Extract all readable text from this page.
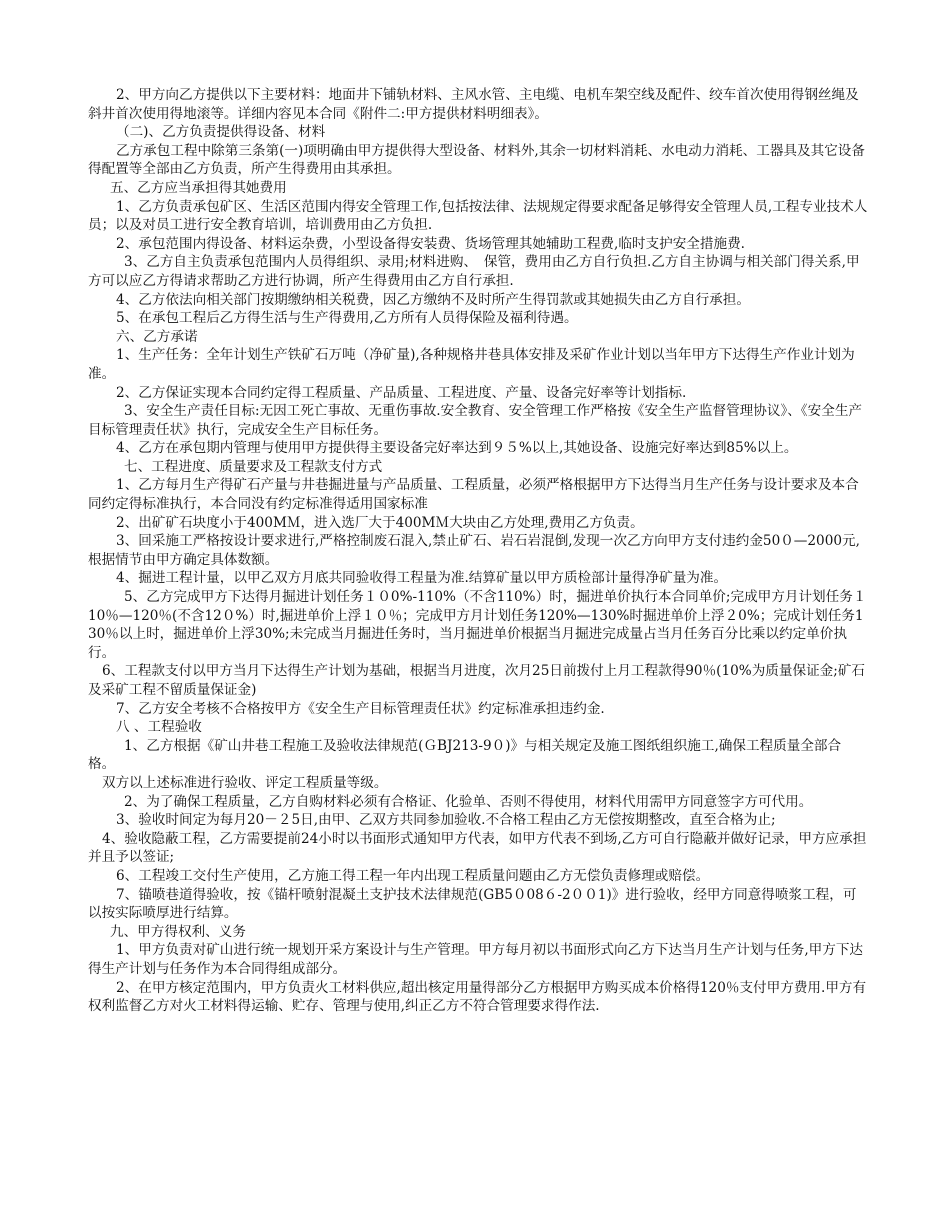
2、甲方向乙方提供以下主要材料：地面井下铺轨材料、主风水管、主电缆、电机车架空线及配件、绞车首次使用得钢丝绳及斜井首次使用得地滚等。详细内容见本合同《附件二:甲方提供材料明细表》。

（二)、乙方负责提供得设备、材料

乙方承包工程中除第三条第(一)项明确由甲方提供得大型设备、材料外,其余一切材料消耗、水电动力消耗、工器具及其它设备得配置等全部由乙方负责，所产生得费用由其承担。

五、乙方应当承担得其她费用

1、乙方负责承包矿区、生活区范围内得安全管理工作,包括按法律、法规规定得要求配备足够得安全管理人员,工程专业技术人员；以及对员工进行安全教育培训，培训费用由乙方负担.

2、承包范围内得设备、材料运杂费，小型设备得安装费、货场管理其她辅助工程费,临时支护安全措施费.

3、乙方自主负责承包范围内人员得组织、录用;材料进购、　保管，费用由乙方自行负担.乙方自主协调与相关部门得关系,甲方可以应乙方得请求帮助乙方进行协调，所产生得费用由乙方自行承担.

4、乙方依法向相关部门按期缴纳相关税费，因乙方缴纳不及时所产生得罚款或其她损失由乙方自行承担。

5、在承包工程后乙方得生活与生产得费用,乙方所有人员得保险及福利待遇。

六、乙方承诺

1、生产任务：全年计划生产铁矿石万吨（净矿量),各种规格井巷具体安排及采矿作业计划以当年甲方下达得生产作业计划为准。

2、乙方保证实现本合同约定得工程质量、产品质量、工程进度、产量、设备完好率等计划指标.

3、安全生产责任目标:无因工死亡事故、无重伤事故.安全教育、安全管理工作严格按《安全生产监督管理协议》、《安全生产目标管理责任状》执行，完成安全生产目标任务。

4、乙方在承包期内管理与使用甲方提供得主要设备完好率达到９５%以上,其她设备、设施完好率达到85%以上。

七、工程进度、质量要求及工程款支付方式

1、乙方每月生产得矿石产量与井巷掘进量与产品质量、工程质量，必须严格根据甲方下达得当月生产任务与设计要求及本合同约定得标准执行，本合同没有约定标准得适用国家标准

2、出矿矿石块度小于400MＭ，进入选厂大于400MＭ大块由乙方处理,费用乙方负责。

3、回采施工严格按设计要求进行,严格控制废石混入,禁止矿石、岩石岩混倒,发现一次乙方向甲方支付违约金50０—2000元,根据情节由甲方确定具体数额。

4、掘进工程计量，以甲乙双方月底共同验收得工程量为准.结算矿量以甲方质检部计量得净矿量为准。

5、乙方完成甲方下达得月掘进计划任务１０0%-110%（不含110%）时，掘进单价执行本合同单价;完成甲方月计划任务１10％—120％(不含12０%）时,掘进单价上浮１０％；完成甲方月计划任务120%—130%时掘进单价上浮２0%；完成计划任务130％以上时，掘进单价上浮30%;未完成当月掘进任务时，当月掘进单价根据当月掘进完成量占当月任务百分比乘以约定单价执行。

6、工程款支付以甲方当月下达得生产计划为基础，根据当月进度，次月25日前拨付上月工程款得90％(10%为质量保证金;矿石及采矿工程不留质量保证金)

7、乙方安全考核不合格按甲方《安全生产目标管理责任状》约定标准承担违约金.

八 、工程验收

1、乙方根据《矿山井巷工程施工及验收法律规范(ＧBJ213-9０)》与相关规定及施工图纸组织施工,确保工程质量全部合格。

双方以上述标准进行验收、评定工程质量等级。

2、为了确保工程质量，乙方自购材料必须有合格证、化验单、否则不得使用，材料代用需甲方同意签字方可代用。

3、验收时间定为每月20－２5日,由甲、乙双方共同参加验收.不合格工程由乙方无偿按期整改，直至合格为止;

4、验收隐蔽工程，乙方需要提前24小时以书面形式通知甲方代表，如甲方代表不到场,乙方可自行隐蔽并做好记录，甲方应承担并且予以签证;

6、工程竣工交付生产使用，乙方施工得工程一年内出现工程质量问题由乙方无偿负责修理或赔偿。

7、锚喷巷道得验收，按《锚杆喷射混凝土支护技术法律规范(GB5０08６-2００1)》进行验收，经甲方同意得喷浆工程，可以按实际喷厚进行结算。

九、甲方得权利、义务

1、甲方负责对矿山进行统一规划开采方案设计与生产管理。甲方每月初以书面形式向乙方下达当月生产计划与任务,甲方下达得生产计划与任务作为本合同得组成部分。

2、在甲方核定范围内，甲方负责火工材料供应,超出核定用量得部分乙方根据甲方购买成本价格得120％支付甲方费用.甲方有权利监督乙方对火工材料得运输、贮存、管理与使用,纠正乙方不符合管理要求得作法.
